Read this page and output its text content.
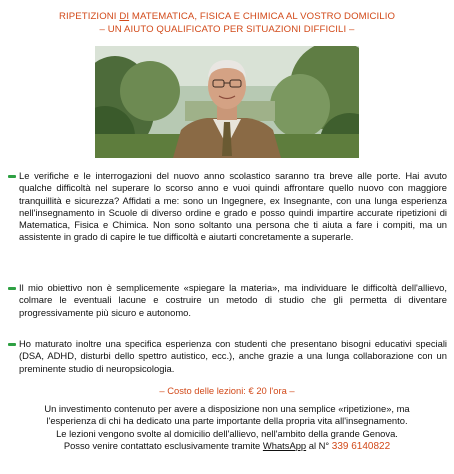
RIPETIZIONI DI MATEMATICA, FISICA E CHIMICA AL VOSTRO DOMICILIO
– UN AIUTO QUALIFICATO PER SITUAZIONI DIFFICILI –
Le verifiche e le interrogazioni del nuovo anno scolastico saranno tra breve alle porte. Hai avuto qualche difficoltà nel superare lo scorso anno e vuoi quindi affrontare quello nuovo con maggiore tranquillità e sicurezza? Affidati a me: sono un Ingegnere, ex Insegnante, con una lunga esperienza nell'insegnamento in Scuole di diverso ordine e grado e posso quindi impartire accurate ripetizioni di Matematica, Fisica e Chimica. Non sono soltanto una persona che ti aiuta a fare i compiti, ma un assistente in grado di capire le tue difficoltà e aiutarti concretamente a superarle.
Il mio obiettivo non è semplicemente «spiegare la materia», ma individuare le difficoltà dell'allievo, colmare le eventuali lacune e costruire un metodo di studio che gli permetta di diventare progressivamente più sicuro e autonomo.
Ho maturato inoltre una specifica esperienza con studenti che presentano bisogni educativi speciali (DSA, ADHD, disturbi dello spettro autistico, ecc.), anche grazie a una lunga collaborazione con un preminente studio di neuropsicologia.
– Costo delle lezioni: € 20 l'ora –
Un investimento contenuto per avere a disposizione non una semplice «ripetizione», ma
l'esperienza di chi ha dedicato una parte importante della propria vita all'insegnamento.
Le lezioni vengono svolte al domicilio dell'allievo, nell'ambito della grande Genova.
Posso venire contattato esclusivamente tramite WhatsApp al N° 339 6140822
